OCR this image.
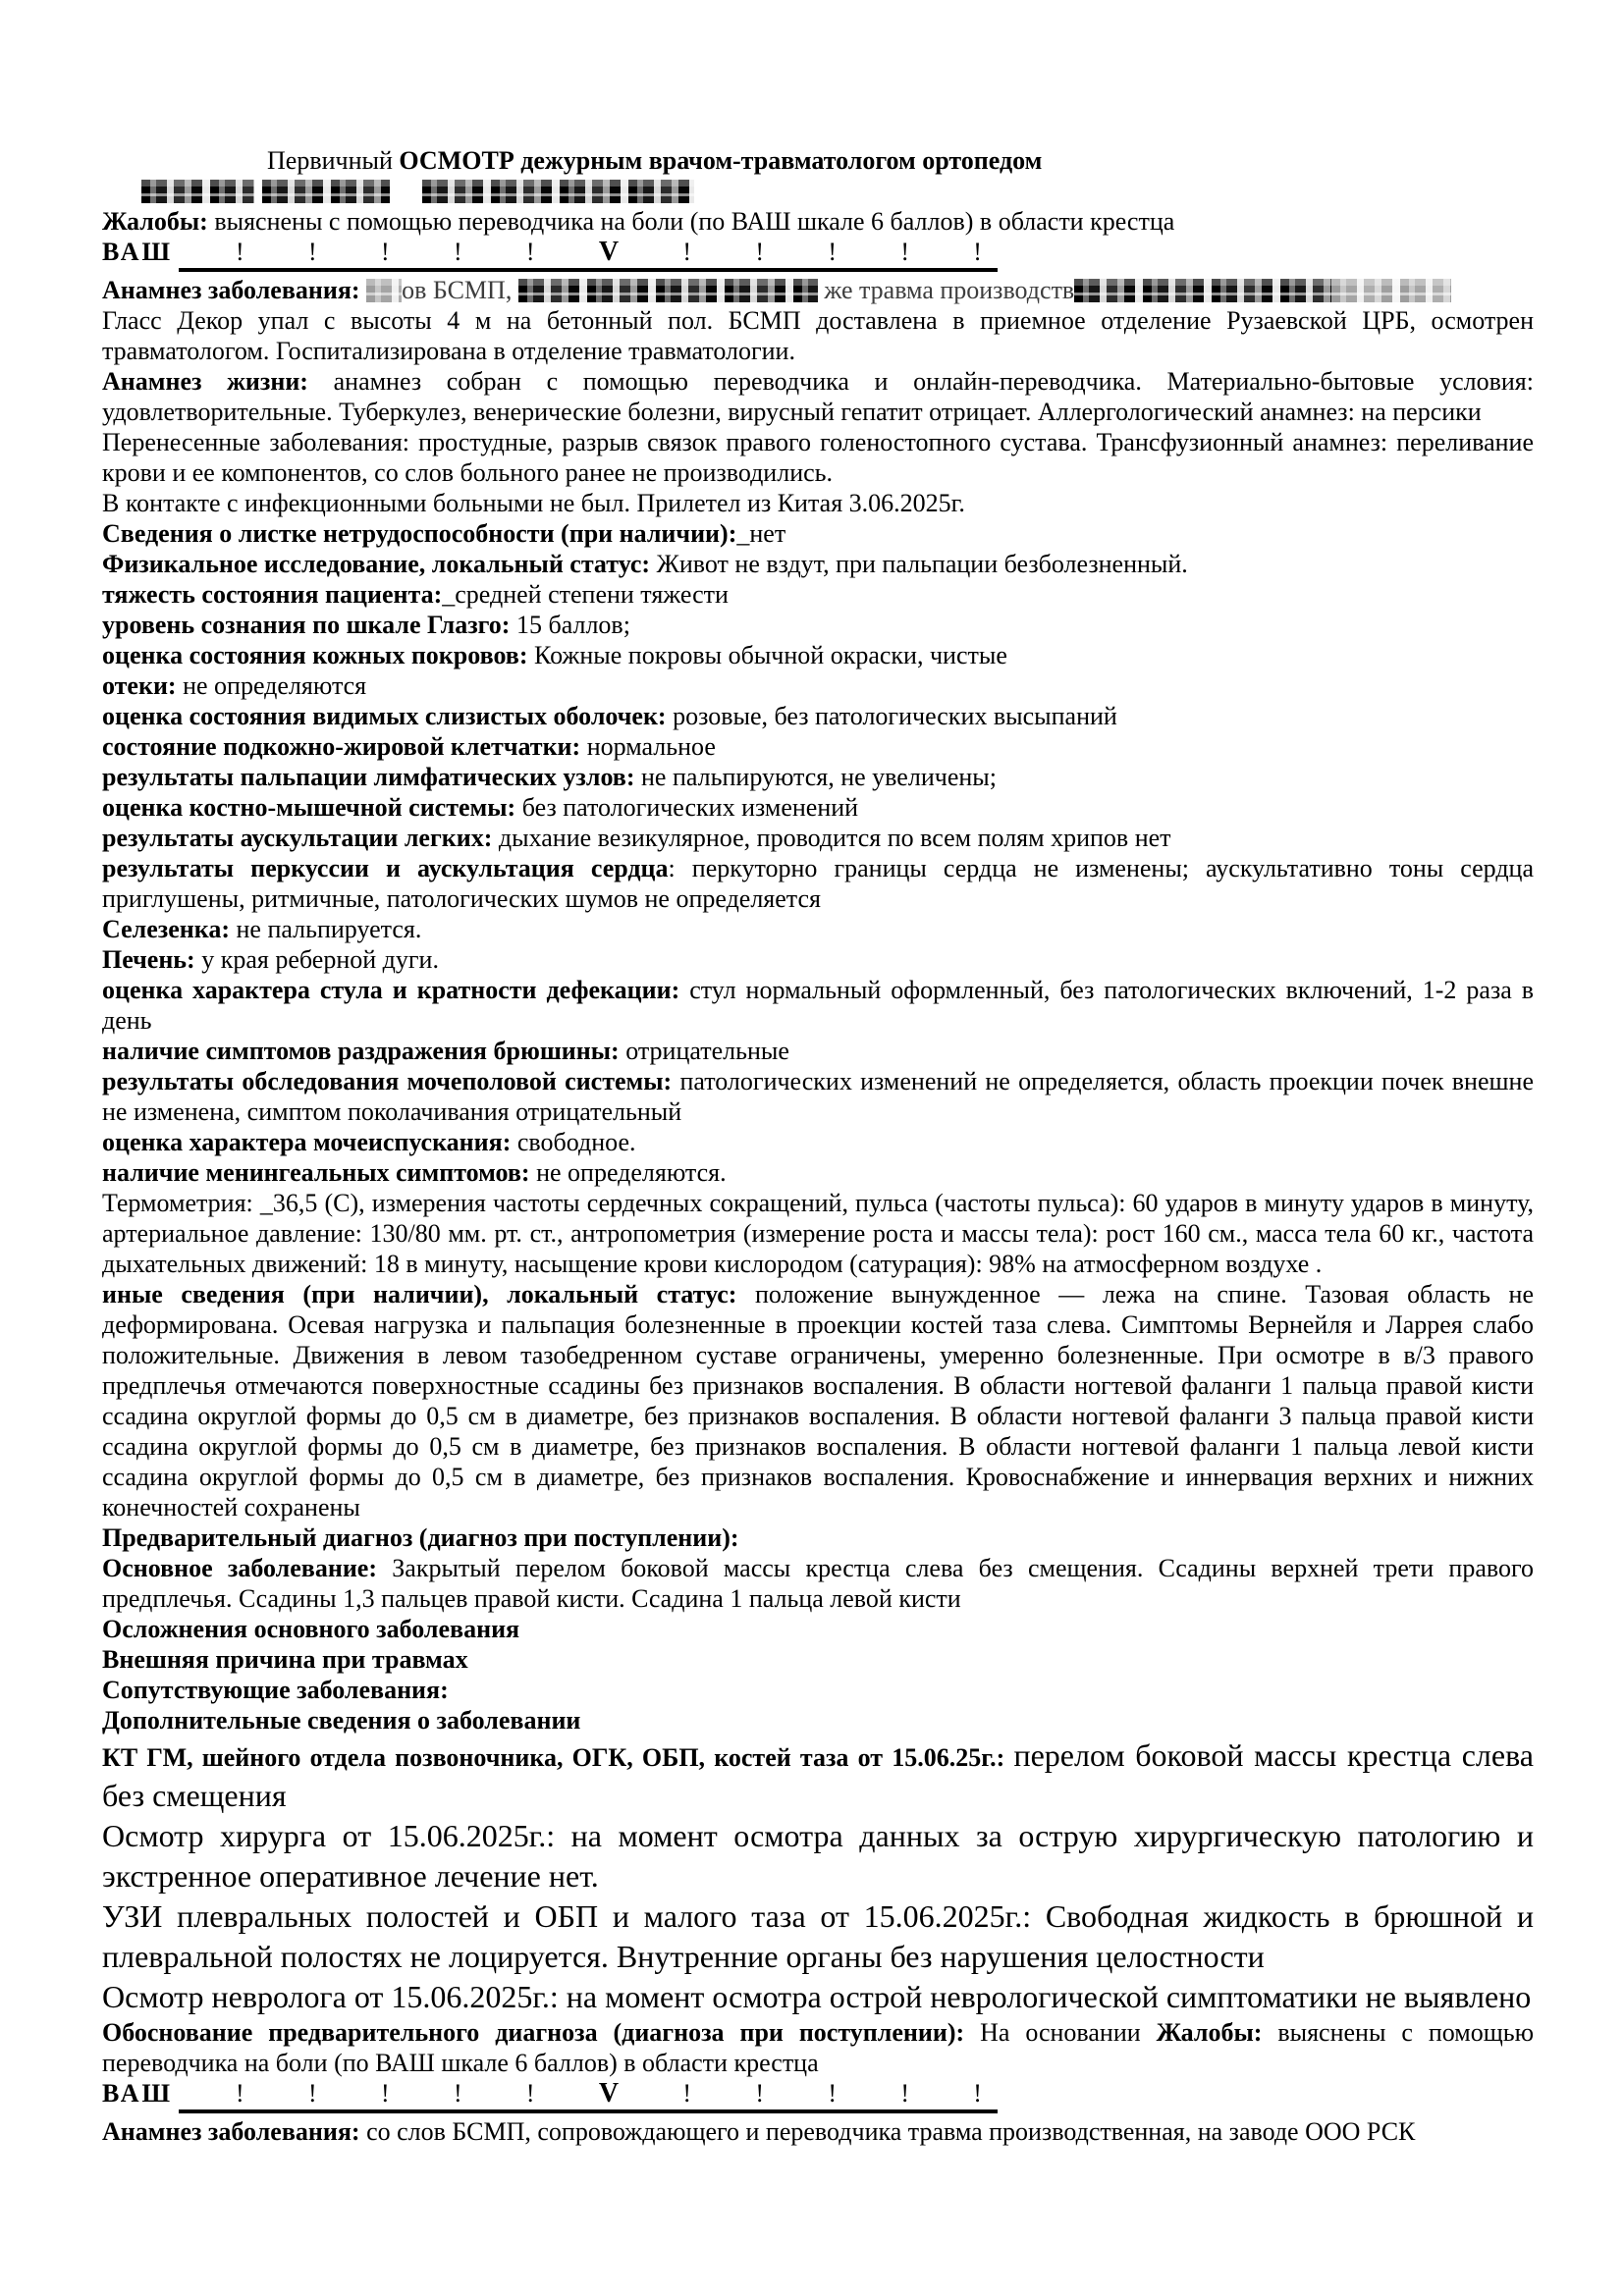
Первичный ОСМОТР дежурным врачом-травматологом ортопедом

Жалобы: выяснены с помощью переводчика на боли (по ВАШ шкале 6 баллов) в области крестца

ВАШ !	!	!	!	! V	!	!	!	!	!

Анамнез заболевания: ов БСМП,	же травма производств

Гласс Декор упал с высоты 4 м на бетонный пол. БСМП доставлена в приемное отделение Рузаевской ЦРБ, осмотрен травматологом. Госпитализирована в отделение травматологии.

Анамнез жизни: анамнез собран с помощью переводчика и онлайн-переводчика. Материально-бытовые условия: удовлетворительные. Туберкулез, венерические болезни, вирусный гепатит отрицает. Аллергологический анамнез: на персики

Перенесенные заболевания: простудные, разрыв связок правого голеностопного сустава. Трансфузионный анамнез: переливание крови и ее компонентов, со слов больного ранее не производились.

В контакте с инфекционными больными не был. Прилетел из Китая 3.06.2025г.

Сведения о листке нетрудоспособности (при наличии):_нет

Физикальное исследование, локальный статус: Живот не вздут, при пальпации безболезненный.

тяжесть состояния пациента:_средней степени тяжести

уровень сознания по шкале Глазго: 15 баллов;

оценка состояния кожных покровов: Кожные покровы обычной окраски, чистые

отеки: не определяются

оценка состояния видимых слизистых оболочек: розовые, без патологических высыпаний

состояние подкожно-жировой клетчатки: нормальное

результаты пальпации лимфатических узлов: не пальпируются, не увеличены;

оценка костно-мышечной системы: без патологических изменений

результаты аускультации легких: дыхание везикулярное, проводится по всем полям хрипов нет

результаты перкуссии и аускультация сердца: перкуторно границы сердца не изменены; аускультативно тоны сердца приглушены, ритмичные, патологических шумов не определяется

Селезенка: не пальпируется.

Печень: у края реберной дуги.

оценка характера стула и кратности дефекации: стул нормальный оформленный, без патологических включений, 1-2 раза в день

наличие симптомов раздражения брюшины: отрицательные

результаты обследования мочеполовой системы: патологических изменений не определяется, область проекции почек внешне не изменена, симптом поколачивания отрицательный

оценка характера мочеиспускания: свободное.

наличие менингеальных симптомов: не определяются.

Термометрия: _36,5 (С), измерения частоты сердечных сокращений, пульса (частоты пульса): 60 ударов в минуту ударов в минуту, артериальное давление: 130/80 мм. рт. ст., антропометрия (измерение роста и массы тела): рост 160 см., масса тела 60 кг., частота дыхательных движений: 18 в минуту, насыщение крови кислородом (сатурация): 98% на атмосферном воздухе .

иные сведения (при наличии), локальный статус: положение вынужденное — лежа на спине. Тазовая область не деформирована. Осевая нагрузка и пальпация болезненные в проекции костей таза слева. Симптомы Вернейля и Ларрея слабо положительные. Движения в левом тазобедренном суставе ограничены, умеренно болезненные. При осмотре в в/3 правого предплечья отмечаются поверхностные ссадины без признаков воспаления. В области ногтевой фаланги 1 пальца правой кисти ссадина округлой формы до 0,5 см в диаметре, без признаков воспаления. В области ногтевой фаланги 3 пальца правой кисти ссадина округлой формы до 0,5 см в диаметре, без признаков воспаления. В области ногтевой фаланги 1 пальца левой кисти ссадина округлой формы до 0,5 см в диаметре, без признаков воспаления. Кровоснабжение и иннервация верхних и нижних конечностей сохранены

Предварительный диагноз (диагноз при поступлении):

Основное заболевание: Закрытый перелом боковой массы крестца слева без смещения. Ссадины верхней трети правого предплечья. Ссадины 1,3 пальцев правой кисти. Ссадина 1 пальца левой кисти

Осложнения основного заболевания

Внешняя причина при травмах

Сопутствующие заболевания:

Дополнительные сведения о заболевании

КТ ГМ, шейного отдела позвоночника, ОГК, ОБП, костей таза от 15.06.25г.: перелом боковой массы крестца слева без смещения

Осмотр хирурга от 15.06.2025г.: на момент осмотра данных за острую хирургическую патологию и экстренное оперативное лечение нет.

УЗИ плевральных полостей и ОБП и малого таза от 15.06.2025г.: Свободная жидкость в брюшной и плевральной полостях не лоцируется. Внутренние органы без нарушения целостности

Осмотр невролога от 15.06.2025г.: на момент осмотра острой неврологической симптоматики не выявлено

Обоснование предварительного диагноза (диагноза при поступлении): На основании Жалобы: выяснены с помощью переводчика на боли (по ВАШ шкале 6 баллов) в области крестца

ВАШ !	!	!	!	! V	!	!	!	!	!

Анамнез заболевания: со слов БСМП, сопровождающего и переводчика травма производственная, на заводе ООО РСК
